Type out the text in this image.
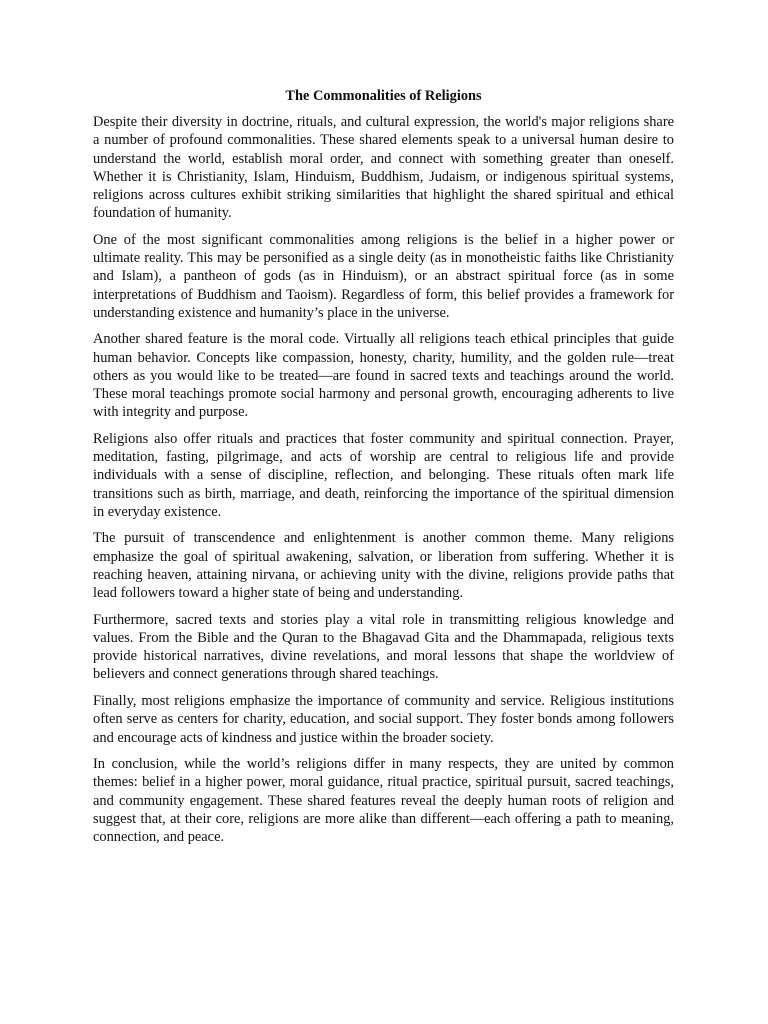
The Commonalities of Religions

Despite their diversity in doctrine, rituals, and cultural expression, the world's major religions share a number of profound commonalities. These shared elements speak to a universal human desire to understand the world, establish moral order, and connect with something greater than oneself. Whether it is Christianity, Islam, Hinduism, Buddhism, Judaism, or indigenous spiritual systems, religions across cultures exhibit striking similarities that highlight the shared spiritual and ethical foundation of humanity.

One of the most significant commonalities among religions is the belief in a higher power or ultimate reality. This may be personified as a single deity (as in monotheistic faiths like Christianity and Islam), a pantheon of gods (as in Hinduism), or an abstract spiritual force (as in some interpretations of Buddhism and Taoism). Regardless of form, this belief provides a framework for understanding existence and humanity’s place in the universe.

Another shared feature is the moral code. Virtually all religions teach ethical principles that guide human behavior. Concepts like compassion, honesty, charity, humility, and the golden rule—treat others as you would like to be treated—are found in sacred texts and teachings around the world. These moral teachings promote social harmony and personal growth, encouraging adherents to live with integrity and purpose.

Religions also offer rituals and practices that foster community and spiritual connection. Prayer, meditation, fasting, pilgrimage, and acts of worship are central to religious life and provide individuals with a sense of discipline, reflection, and belonging. These rituals often mark life transitions such as birth, marriage, and death, reinforcing the importance of the spiritual dimension in everyday existence.

The pursuit of transcendence and enlightenment is another common theme. Many religions emphasize the goal of spiritual awakening, salvation, or liberation from suffering. Whether it is reaching heaven, attaining nirvana, or achieving unity with the divine, religions provide paths that lead followers toward a higher state of being and understanding.

Furthermore, sacred texts and stories play a vital role in transmitting religious knowledge and values. From the Bible and the Quran to the Bhagavad Gita and the Dhammapada, religious texts provide historical narratives, divine revelations, and moral lessons that shape the worldview of believers and connect generations through shared teachings.

Finally, most religions emphasize the importance of community and service. Religious institutions often serve as centers for charity, education, and social support. They foster bonds among followers and encourage acts of kindness and justice within the broader society.

In conclusion, while the world’s religions differ in many respects, they are united by common themes: belief in a higher power, moral guidance, ritual practice, spiritual pursuit, sacred teachings, and community engagement. These shared features reveal the deeply human roots of religion and suggest that, at their core, religions are more alike than different—each offering a path to meaning, connection, and peace.
